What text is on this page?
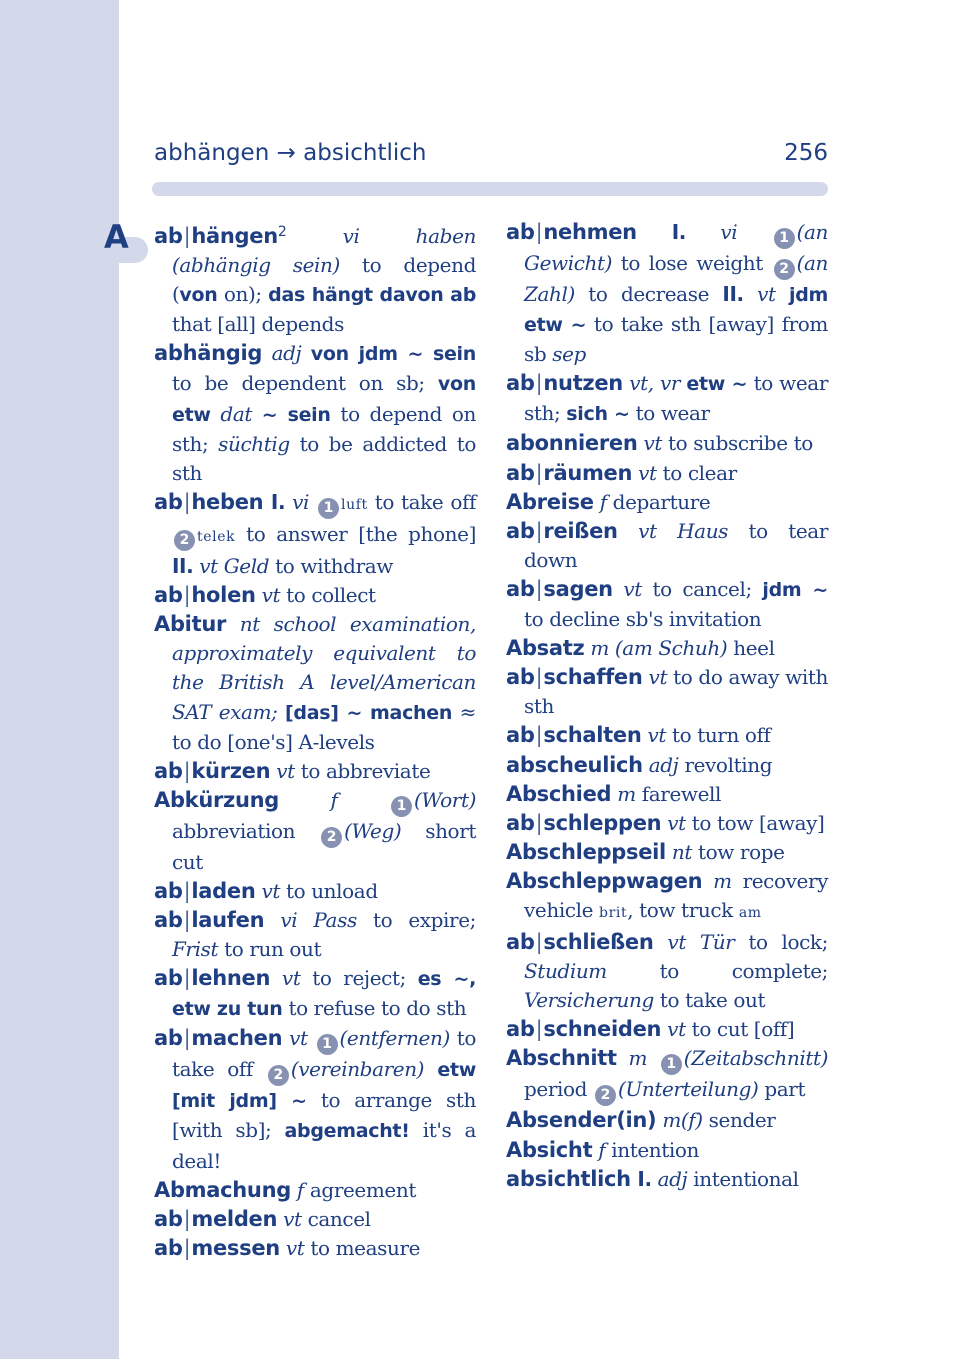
A
abhängen → absichtlich	256

ab|hängen$^2$ vi haben (abhängig sein) to depend (von on); das hängt davon ab that [all] depends

abhängig adj von jdm ~ sein to be dependent on sb; von etw dat ~ sein to depend on sth; süchtig to be addicted to sth

ab|heben I. vi 1 luft to take off 2 telek to answer [the phone] II. vt Geld to withdraw

ab|holen vt to collect

Abitur nt school examination, approximately equivalent to the British A level/American SAT exam; [das] ~ machen ≈ to do [one's] A-levels

ab|kürzen vt to abbreviate

Abkürzung f 1 (Wort) abbreviation 2 (Weg) short cut

ab|laden vt to unload

ab|laufen vi Pass to expire; Frist to run out

ab|lehnen vt to reject; es ~, etw zu tun to refuse to do sth

ab|machen vt 1 (entfernen) to take off 2 (vereinbaren) etw [mit jdm] ~ to arrange sth [with sb]; abgemacht! it's a deal!

Abmachung f agreement

ab|melden vt cancel

ab|messen vt to measure

ab|nehmen I. vi 1 (an Gewicht) to lose weight 2 (an Zahl) to decrease II. vt jdm etw ~ to take sth [away] from sb sep

ab|nutzen vt, vr etw ~ to wear sth; sich ~ to wear

abonnieren vt to subscribe to

ab|räumen vt to clear

Abreise f departure

ab|reißen vt Haus to tear down

ab|sagen vt to cancel; jdm ~ to decline sb's invitation

Absatz m (am Schuh) heel

ab|schaffen vt to do away with sth

ab|schalten vt to turn off

abscheulich adj revolting

Abschied m farewell

ab|schleppen vt to tow [away]

Abschleppseil nt tow rope

Abschleppwagen m recovery vehicle brit, tow truck am

ab|schließen vt Tür to lock; Studium to complete; Versicherung to take out

ab|schneiden vt to cut [off]

Abschnitt m 1 (Zeitabschnitt) period 2 (Unterteilung) part

Absender(in) m(f) sender

Absicht f intention

absichtlich I. adj intentional
